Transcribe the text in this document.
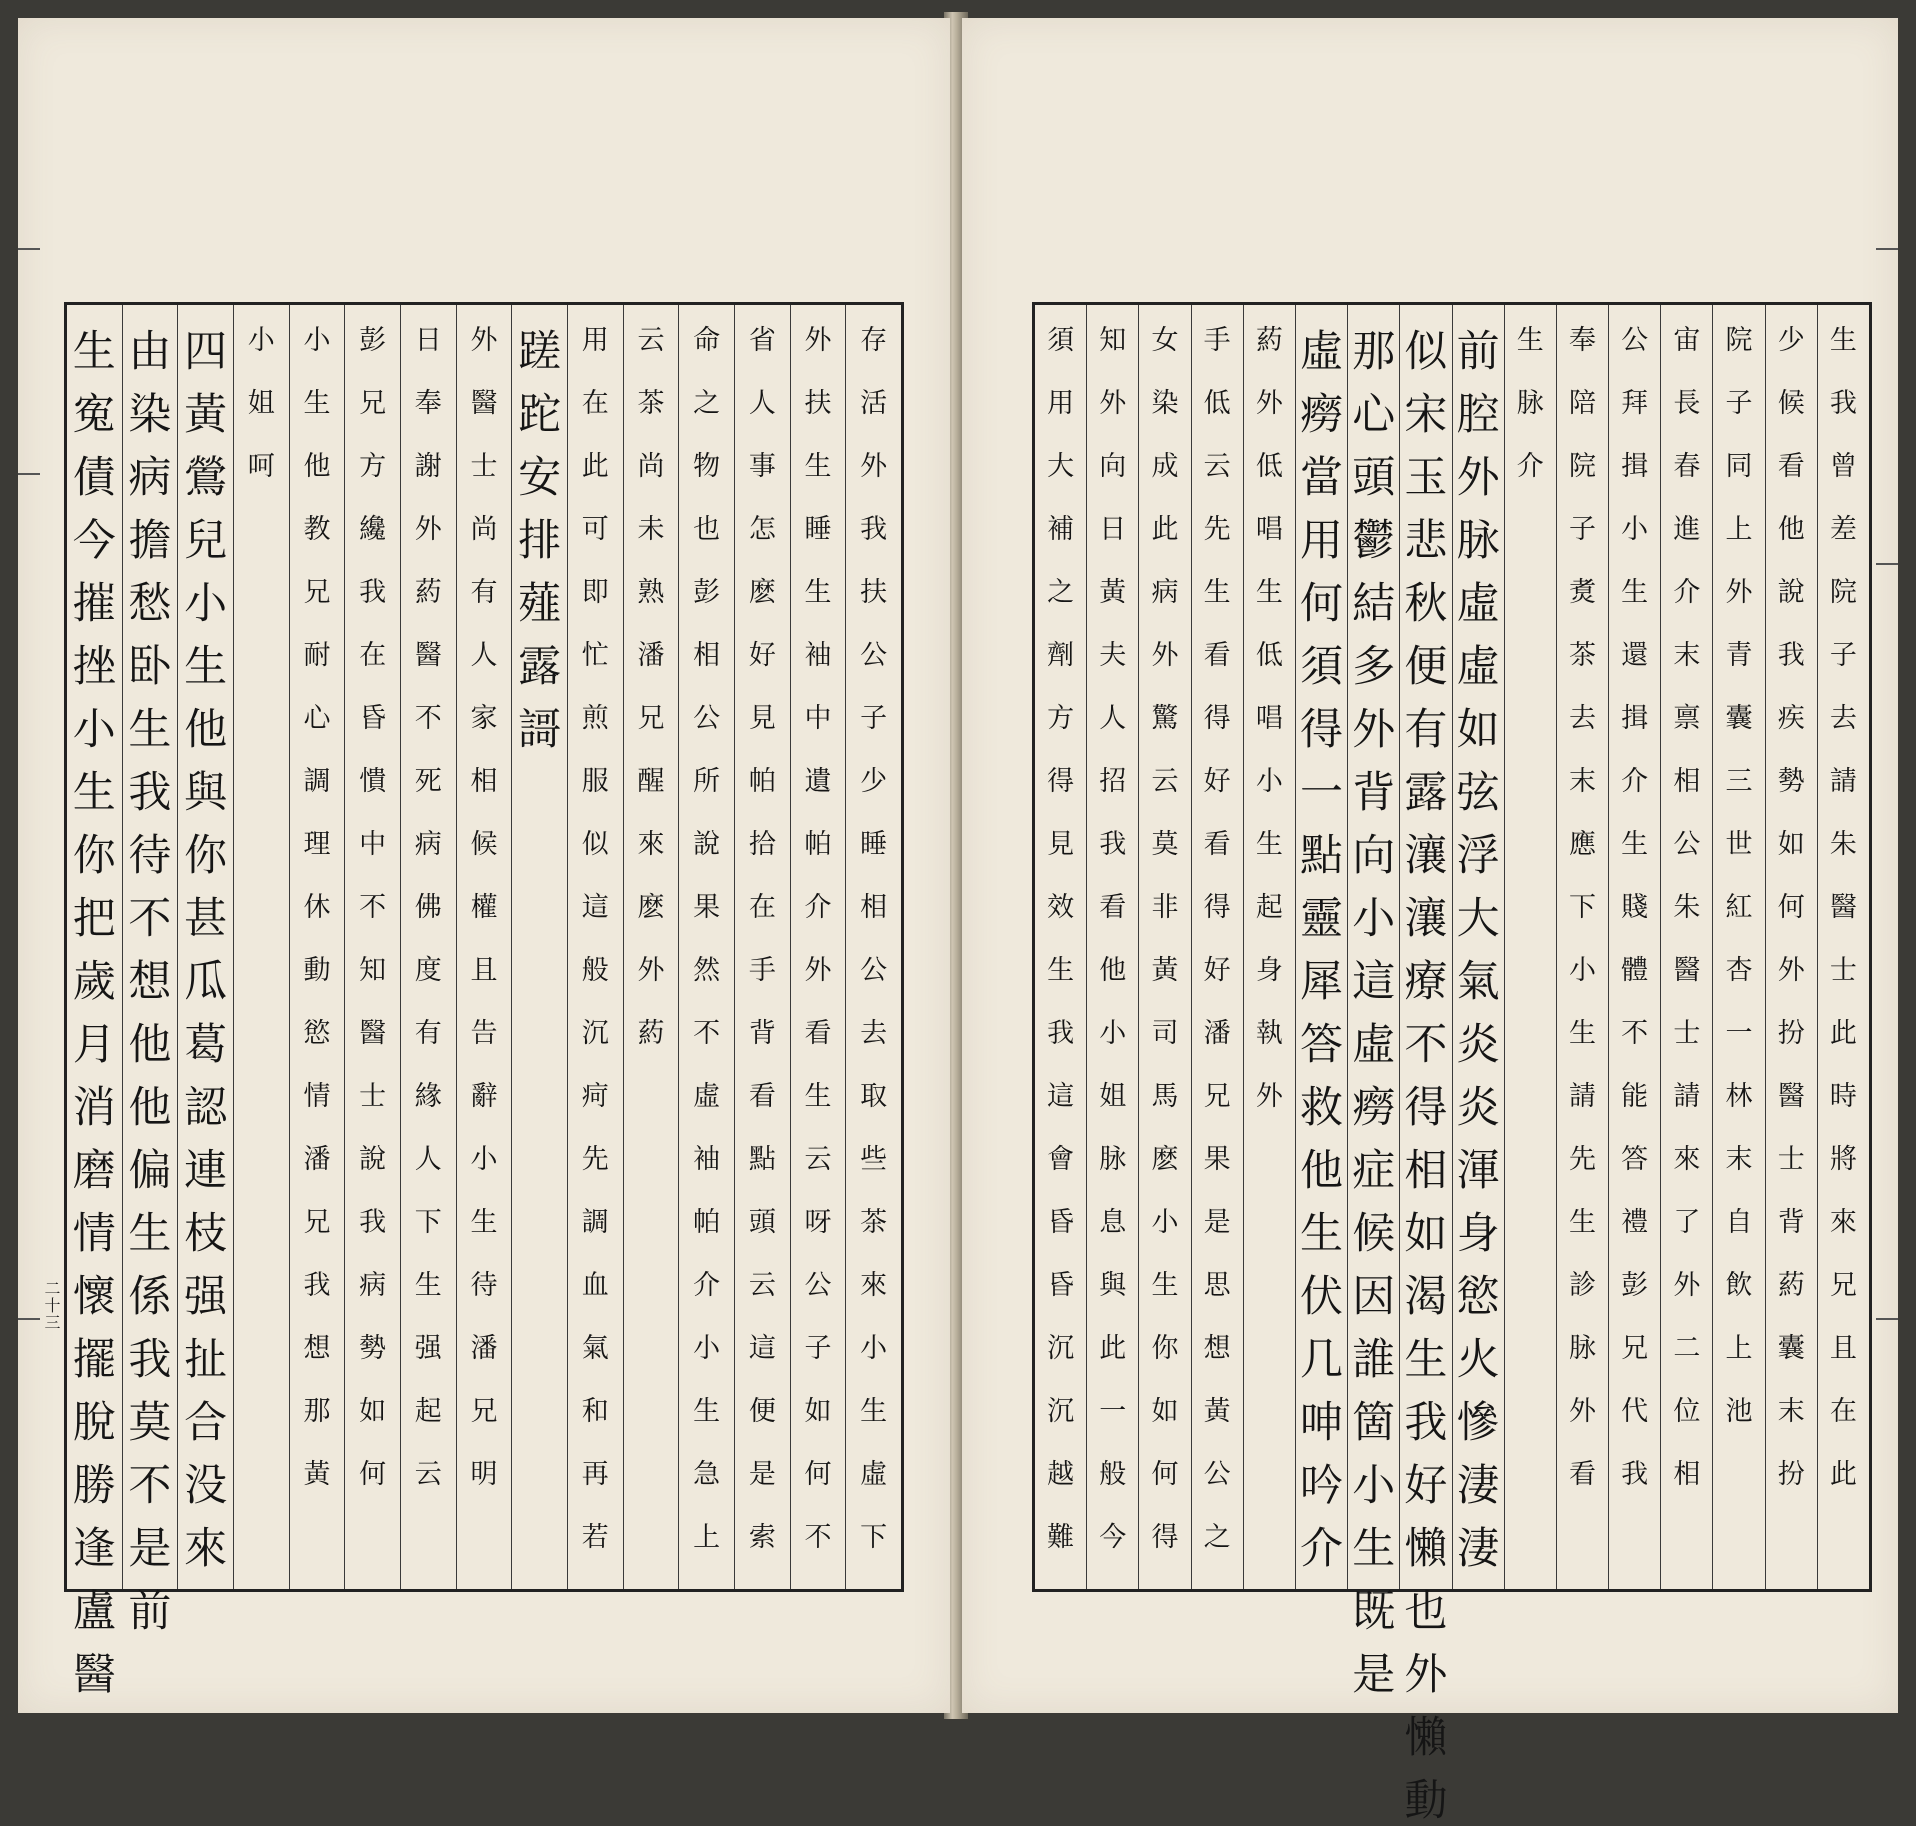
二十三
存
活
外
我
扶
公
子
少
睡
相
公
去
取
些
茶
來
小
生
虛
下
外
扶
生
睡
生
袖
中
遺
帕
介
外
看
生
云
呀
公
子
如
何
不
省
人
事
怎
麽
好
見
帕
拾
在
手
背
看
點
頭
云
這
便
是
索
命
之
物
也
彭
相
公
所
說
果
然
不
虛
袖
帕
介
小
生
急
上
云
茶
尚
未
熟
潘
兄
醒
來
麽
外
葯
用
在
此
可
即
忙
煎
服
似
這
般
沉
疴
先
調
血
氣
和
再
若
蹉
跎
安
排
薤
露
謌
外
醫
士
尚
有
人
家
相
候
權
且
告
辭
小
生
待
潘
兄
明
日
奉
謝
外
葯
醫
不
死
病
佛
度
有
緣
人
下
生
强
起
云
彭
兄
方
纔
我
在
昏
憒
中
不
知
醫
士
說
我
病
勢
如
何
小
生
他
教
兄
耐
心
調
理
休
動
慾
情
潘
兄
我
想
那
黃
小
姐
呵
四
黃
鶯
兒
小
生
他
與
你
甚
瓜
葛
認
連
枝
强
扯
合
没
來
由
染
病
擔
愁
卧
生
我
待
不
想
他
他
偏
生
係
我
莫
不
是
前
生
寃
債
今
摧
挫
小
生
你
把
歲
月
消
磨
情
懷
擺
脫
勝
逢
盧
醫
生
我
曾
差
院
子
去
請
朱
醫
士
此
時
將
來
兄
且
在
此
少
候
看
他
說
我
疾
勢
如
何
外
扮
醫
士
背
葯
囊
末
扮
院
子
同
上
外
青
囊
三
世
紅
杏
一
林
末
自
飲
上
池
宙
長
春
進
介
末
禀
相
公
朱
醫
士
請
來
了
外
二
位
相
公
拜
揖
小
生
還
揖
介
生
賤
體
不
能
答
禮
彭
兄
代
我
奉
陪
院
子
煑
茶
去
末
應
下
小
生
請
先
生
診
脉
外
看
生
脉
介
前
腔
外
脉
虛
虛
如
弦
浮
大
氣
炎
炎
渾
身
慾
火
慘
淒
淒
似
宋
玉
悲
秋
便
有
露
瀼
瀼
療
不
得
相
如
渴
生
我
好
懶
也
外
懶
動
那
心
頭
鬱
結
多
外
背
向
小
這
虛
癆
症
候
因
誰
箇
小
生
既
是
虛
癆
當
用
何
須
得
一
點
靈
犀
答
救
他
生
伏
几
呻
吟
介
葯
外
低
唱
生
低
唱
小
生
起
身
執
外
手
低
云
先
生
看
得
好
看
得
好
潘
兄
果
是
思
想
黃
公
之
女
染
成
此
病
外
驚
云
莫
非
黃
司
馬
麽
小
生
你
如
何
得
知
外
向
日
黃
夫
人
招
我
看
他
小
姐
脉
息
與
此
一
般
今
須
用
大
補
之
劑
方
得
見
效
生
我
這
會
昏
昏
沉
沉
越
難
